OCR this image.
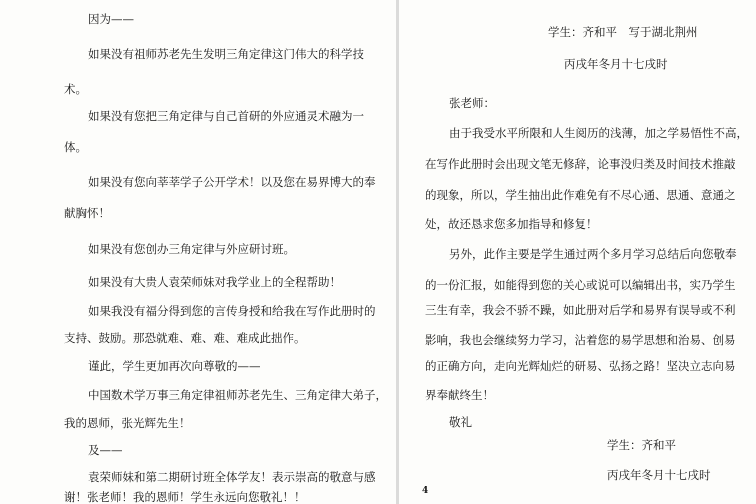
因为——
如果没有祖师苏老先生发明三角定律这门伟大的科学技
术。
如果没有您把三角定律与自己首研的外应通灵术融为一
体。
如果没有您向莘莘学子公开学术！以及您在易界博大的奉
献胸怀！
如果没有您创办三角定律与外应研讨班。
如果没有大贵人袁荣师妹对我学业上的全程帮助！
如果我没有福分得到您的言传身授和给我在写作此册时的
支持、鼓励。那恐就难、难、难、难成此拙作。
谨此，学生更加再次向尊敬的——
中国数术学万事三角定律祖师苏老先生、三角定律大弟子，
我的恩师，张光辉先生！
及——
袁荣师妹和第二期研讨班全体学友！表示崇高的敬意与感
谢！张老师！我的恩师！学生永远向您敬礼！！
学生：齐和平　写于湖北荆州
丙戌年冬月十七戌时
张老师：
由于我受水平所限和人生阅历的浅薄，加之学易悟性不高，
在写作此册时会出现文笔无修辞，论事没归类及时间技术推敲
的现象，所以，学生抽出此作难免有不尽心通、思通、意通之
处，故还恳求您多加指导和修复！
另外，此作主要是学生通过两个多月学习总结后向您敬奉
的一份汇报，如能得到您的关心或说可以编辑出书，实乃学生
三生有幸，我会不骄不躁，如此册对后学和易界有误导或不利
影响，我也会继续努力学习，沾着您的易学思想和治易、创易
的正确方向，走向光辉灿烂的研易、弘扬之路！坚决立志向易
界奉献终生！
敬礼
学生：齐和平
丙戌年冬月十七戌时
4
